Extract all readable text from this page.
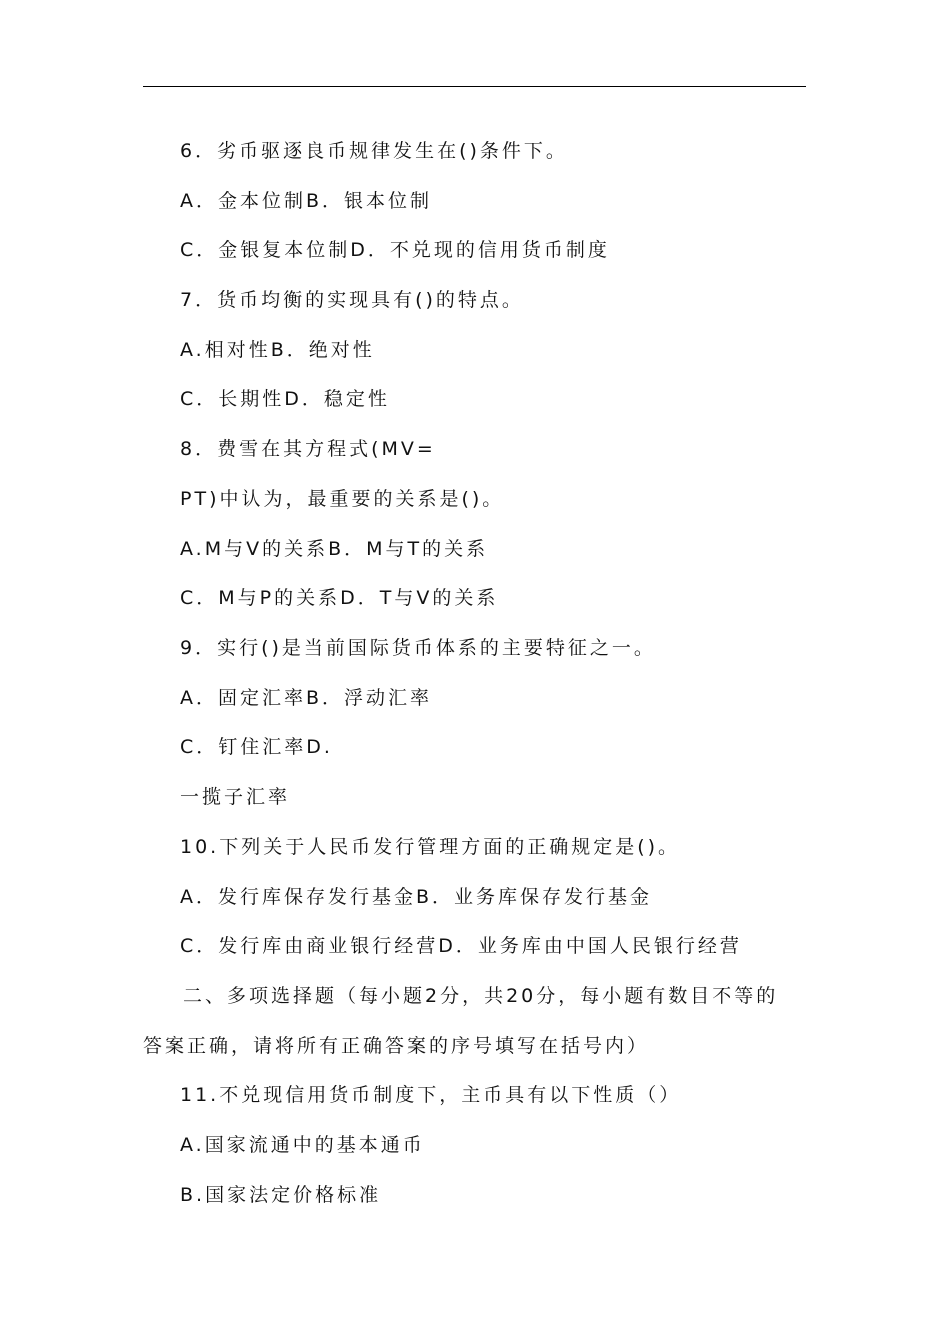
6．劣币驱逐良币规律发生在()条件下。
A．金本位制B．银本位制
C．金银复本位制D．不兑现的信用货币制度
7．货币均衡的实现具有()的特点。
A.相对性B．绝对性
C．长期性D．稳定性
8．费雪在其方程式(MV=
PT)中认为，最重要的关系是()。
A.M与V的关系B．M与T的关系
C．M与P的关系D．T与V的关系
9．实行()是当前国际货币体系的主要特征之一。
A．固定汇率B．浮动汇率
C．钉住汇率D.
一揽子汇率
10.下列关于人民币发行管理方面的正确规定是()。
A．发行库保存发行基金B．业务库保存发行基金
C．发行库由商业银行经营D．业务库由中国人民银行经营
二、多项选择题（每小题2分，共20分，每小题有数目不等的
答案正确，请将所有正确答案的序号填写在括号内）
11.不兑现信用货币制度下，主币具有以下性质（）
A.国家流通中的基本通币
B.国家法定价格标准
